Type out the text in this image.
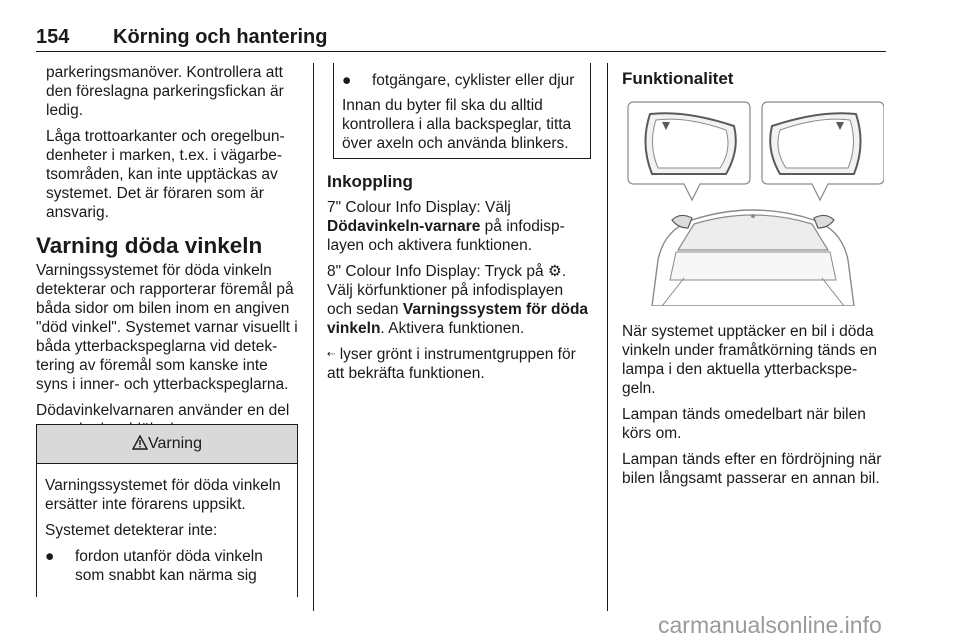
154 Körning och hantering

parkeringsmanöver. Kontrollera att den föreslagna parkeringsfickan är ledig.

Låga trottoarkanter och oregelbun-denheter i marken, t.ex. i vägarbe-tsområden, kan inte upptäckas av systemet. Det är föraren som är ansvarig.

Varning döda vinkeln

Varningssystemet för döda vinkeln detekterar och rapporterar föremål på båda sidor om bilen inom en angiven "död vinkel". Systemet varnar visuellt i båda ytterbackspeglarna vid detek-tering av föremål som kanske inte syns i inner- och ytterbackspeglarna.

Dödavinkelvarnaren använder en del

Varning

Varningssystemet för döda vinkeln ersätter inte förarens uppsikt.

Systemet detekterar inte:

● fordon utanför döda vinkeln som snabbt kan närma sig
● fotgängare, cyklister eller djur

Innan du byter fil ska du alltid kontrollera i alla backspeglar, titta över axeln och använda blinkers.

Inkoppling

7" Colour Info Display: Välj
Dödavinkeln-varnare på infodisp-layen och aktivera funktionen.

8" Colour Info Display: Tryck på ⚙. Välj körfunktioner på infodisplayen och sedan Varningssystem för döda vinkeln. Aktivera funktionen.

⇠ lyser grönt i instrumentgruppen för att bekräfta funktionen.

Funktionalitet

När systemet upptäcker en bil i döda vinkeln under framåtkörning tänds en lampa i den aktuella ytterbackspe-geln.

Lampan tänds omedelbart när bilen körs om.

Lampan tänds efter en fördröjning när bilen långsamt passerar en annan bil.

carmanualsonline.info
